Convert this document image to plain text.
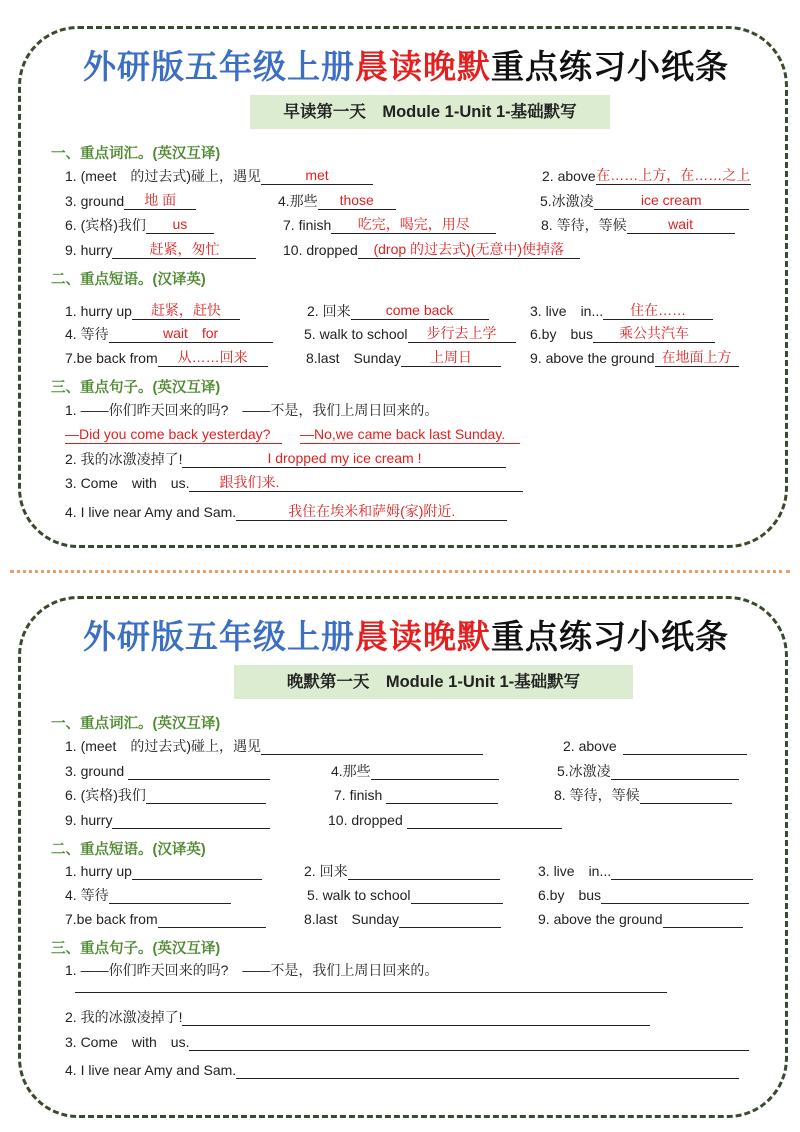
外研版五年级上册晨读晚默重点练习小纸条
早读第一天　Module 1-Unit 1-基础默写
一、重点词汇。(英汉互译)
1. (meet　的过去式)碰上，遇见	met	2. above在……上方，在……之上
3. ground 地 面	4.那些 those	5.冰激凌	ice cream
6. (宾格)我们 us	7. finish 吃完，喝完，用尽	8. 等待，等候	wait
9. hurry	赶紧，匆忙	10. dropped (drop 的过去式)(无意中)使掉落
二、重点短语。(汉译英)
1. hurry up 赶紧，赶快	2. 回来	come back	3. live　in... 住在……
4. 等待	wait　for	5. walk to school 步行去上学	6.by　bus 乘公共汽车
7.be back from 从……回来	8.last　Sunday 上周日	9. above the ground 在地面上方
三、重点句子。(英汉互译)
1. ——你们昨天回来的吗?　——不是，我们上周日回来的。
—Did you come back yesterday?	—No,we came back last Sunday.
2. 我的冰激凌掉了!	I dropped my ice cream !
3. Come　with　us. 跟我们来.
4. I live near Amy and Sam.	我住在埃米和萨姆(家)附近.
外研版五年级上册晨读晚默重点练习小纸条
晚默第一天　Module 1-Unit 1-基础默写
一、重点词汇。(英汉互译)
1. (meet　的过去式)碰上，遇见	2. above
3. ground	4.那些	5.冰激凌
6. (宾格)我们	7. finish	8. 等待，等候
9. hurry	10. dropped
二、重点短语。(汉译英)
1. hurry up	2. 回来	3. live　in...
4. 等待	5. walk to school	6.by　bus
7.be back from	8.last　Sunday	9. above the ground
三、重点句子。(英汉互译)
1. ——你们昨天回来的吗?　——不是，我们上周日回来的。
2. 我的冰激凌掉了!
3. Come　with　us.
4. I live near Amy and Sam.
